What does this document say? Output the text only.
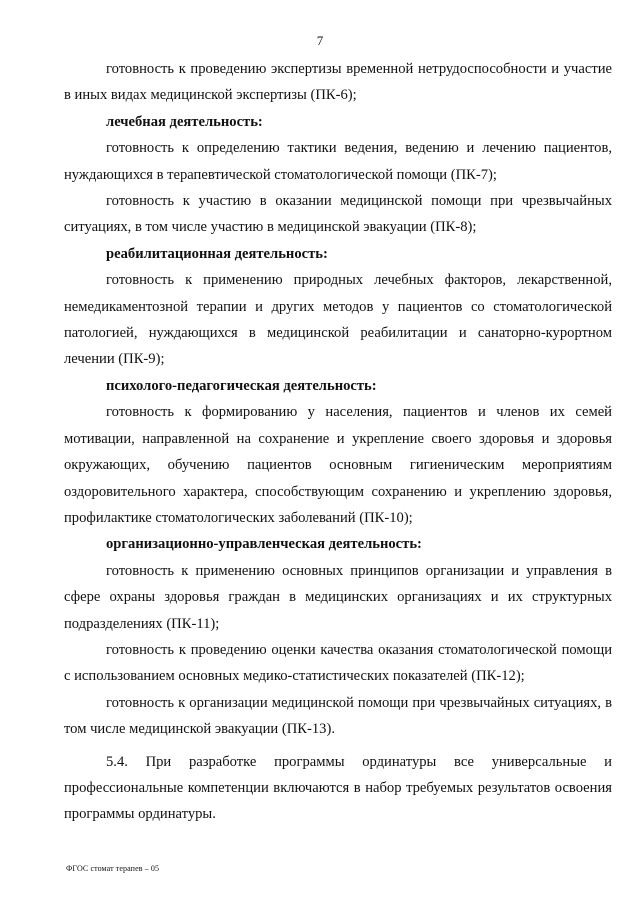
7

готовность к проведению экспертизы временной нетрудоспособности и участие в иных видах медицинской экспертизы (ПК-6);

лечебная деятельность:

готовность к определению тактики ведения, ведению и лечению пациентов, нуждающихся в терапевтической стоматологической помощи (ПК-7);

готовность к участию в оказании медицинской помощи при чрезвычайных ситуациях, в том числе участию в медицинской эвакуации (ПК-8);

реабилитационная деятельность:

готовность к применению природных лечебных факторов, лекарственной, немедикаментозной терапии и других методов у пациентов со стоматологической патологией, нуждающихся в медицинской реабилитации и санаторно-курортном лечении (ПК-9);

психолого-педагогическая деятельность:

готовность к формированию у населения, пациентов и членов их семей мотивации, направленной на сохранение и укрепление своего здоровья и здоровья окружающих, обучению пациентов основным гигиеническим мероприятиям оздоровительного характера, способствующим сохранению и укреплению здоровья, профилактике стоматологических заболеваний (ПК-10);

организационно-управленческая деятельность:

готовность к применению основных принципов организации и управления в сфере охраны здоровья граждан в медицинских организациях и их структурных подразделениях (ПК-11);

готовность к проведению оценки качества оказания стоматологической помощи с использованием основных медико-статистических показателей (ПК-12);

готовность к организации медицинской помощи при чрезвычайных ситуациях, в том числе медицинской эвакуации (ПК-13).

5.4. При разработке программы ординатуры все универсальные и профессиональные компетенции включаются в набор требуемых результатов освоения программы ординатуры.

ФГОС стомат терапев – 05
